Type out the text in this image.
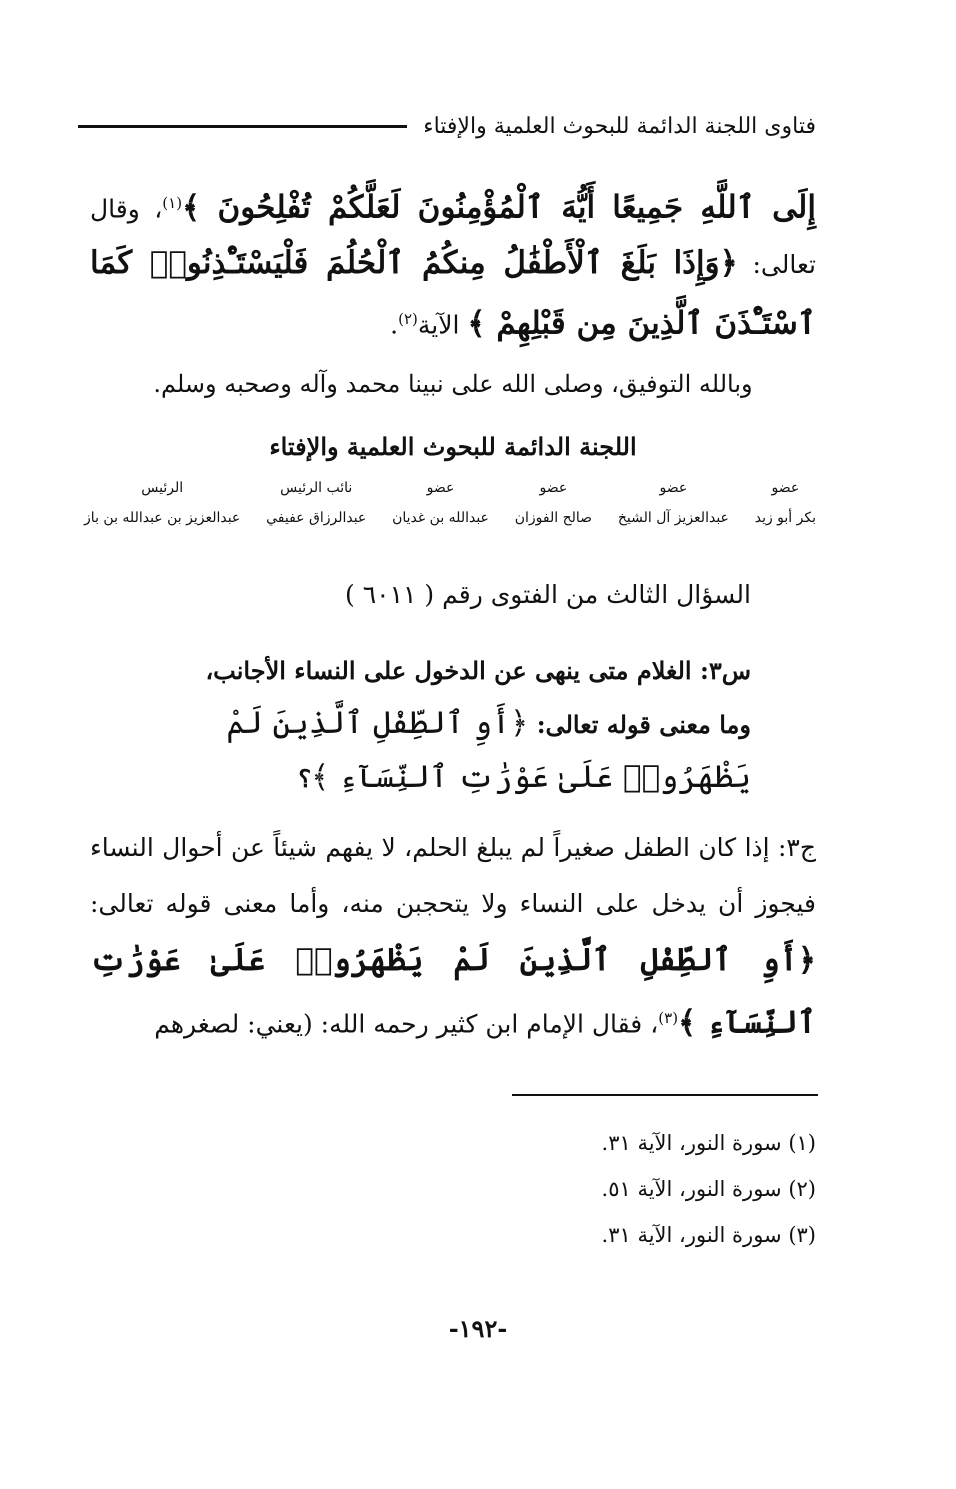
فتاوى اللجنة الدائمة للبحوث العلمية والإفتاء
إِلَى ٱللَّهِ جَمِيعًا أَيُّهَ ٱلْمُؤْمِنُونَ لَعَلَّكُمْ تُفْلِحُونَ ﴾$^{(١)}$، وقال تعالى: ﴿وَإِذَا بَلَغَ ٱلْأَطْفَٰلُ مِنكُمُ ٱلْحُلُمَ فَلْيَسْتَـْٔذِنُوا۟ كَمَا ٱسْتَـْٔذَنَ ٱلَّذِينَ مِن قَبْلِهِمْ ﴾ الآية$^{(٢)}$.
وبالله التوفيق، وصلى الله على نبينا محمد وآله وصحبه وسلم.
اللجنة الدائمة للبحوث العلمية والإفتاء
عضو
بكر أبو زيد
عضو
عبدالعزيز آل الشيخ
عضو
صالح الفوزان
عضو
عبدالله بن غديان
نائب الرئيس
عبدالرزاق عفيفي
الرئيس
عبدالعزيز بن عبدالله بن باز
السؤال الثالث من الفتوى رقم ( ٦٠١١ )
س٣: الغلام متى ينهى عن الدخول على النساء الأجانب، وما معنى قوله تعالى: ﴿أَوِ ٱلطِّفْلِ ٱلَّذِينَ لَمْ يَظْهَرُوا۟ عَلَىٰ عَوْرَٰتِ ٱلنِّسَآءِ ﴾؟
ج٣: إذا كان الطفل صغيراً لم يبلغ الحلم، لا يفهم شيئاً عن أحوال النساء فيجوز أن يدخل على النساء ولا يتحجبن منه، وأما معنى قوله تعالى: ﴿أَوِ ٱلطِّفْلِ ٱلَّذِينَ لَمْ يَظْهَرُوا۟ عَلَىٰ عَوْرَٰتِ ٱلنِّسَآءِ ﴾$^{(٣)}$، فقال الإمام ابن كثير رحمه الله: (يعني: لصغرهم
(١) سورة النور، الآية ٣١.
(٢) سورة النور، الآية ٥١.
(٣) سورة النور، الآية ٣١.
-١٩٢-
